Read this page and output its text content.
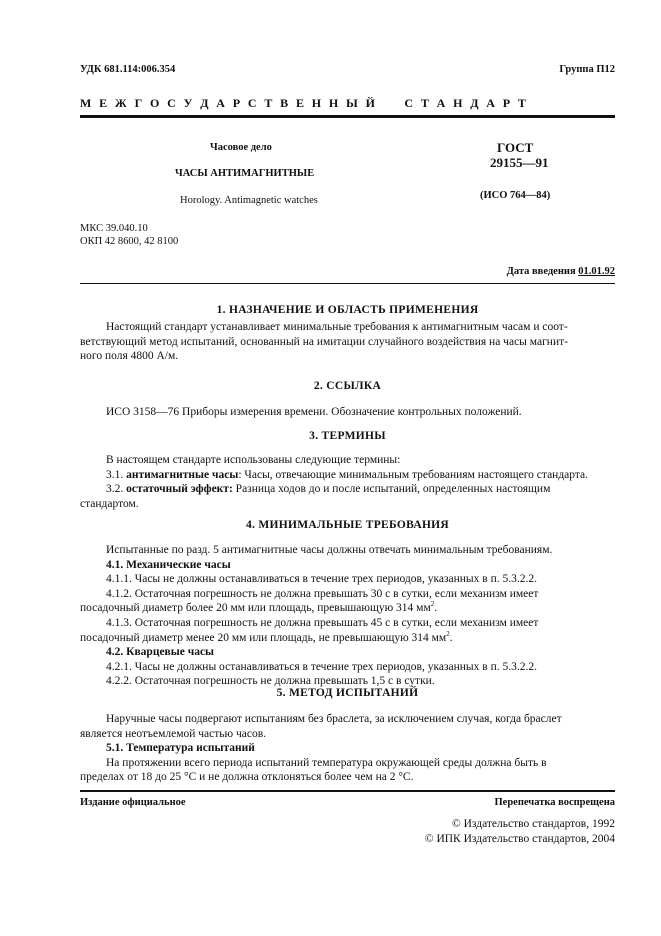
УДК 681.114:006.354	Группа П12
М Е Ж Г О С У Д А Р С Т В Е Н Н Ы Й     С Т А Н Д А Р Т
Часовое дело
ЧАСЫ АНТИМАГНИТНЫЕ
Horology. Antimagnetic watches
ГОСТ
29155—91
(ИСО 764—84)
МКС 39.040.10
ОКП 42 8600, 42 8100
Дата введения 01.01.92
1. НАЗНАЧЕНИЕ И ОБЛАСТЬ ПРИМЕНЕНИЯ
Настоящий стандарт устанавливает минимальные требования к антимагнитным часам и соот-
ветствующий метод испытаний, основанный на имитации случайного воздействия на часы магнит-
ного поля 4800 А/м.
2. ССЫЛКА
ИСО 3158—76 Приборы измерения времени. Обозначение контрольных положений.
3. ТЕРМИНЫ
В настоящем стандарте использованы следующие термины:
3.1. антимагнитные часы: Часы, отвечающие минимальным требованиям настоящего стандарта.
3.2. остаточный эффект: Разница ходов до и после испытаний, определенных настоящим
стандартом.
4. МИНИМАЛЬНЫЕ ТРЕБОВАНИЯ
Испытанные по разд. 5 антимагнитные часы должны отвечать минимальным требованиям.
4.1. Механические часы
4.1.1. Часы не должны останавливаться в течение трех периодов, указанных в п. 5.3.2.2.
4.1.2. Остаточная погрешность не должна превышать 30 с в сутки, если механизм имеет
посадочный диаметр более 20 мм или площадь, превышающую 314 $мм^2$.
4.1.3. Остаточная погрешность не должна превышать 45 с в сутки, если механизм имеет
посадочный диаметр менее 20 мм или площадь, не превышающую 314 $мм^2$.
4.2. Кварцевые часы
4.2.1. Часы не должны останавливаться в течение трех периодов, указанных в п. 5.3.2.2.
4.2.2. Остаточная погрешность не должна превышать 1,5 с в сутки.
5. МЕТОД ИСПЫТАНИЙ
Наручные часы подвергают испытаниям без браслета, за исключением случая, когда браслет
является неотъемлемой частью часов.
5.1. Температура испытаний
На протяжении всего периода испытаний температура окружающей среды должна быть в
пределах от 18 до 25 °С и не должна отклоняться более чем на 2 °С.
Издание официальное	Перепечатка воспрещена
© Издательство стандартов, 1992
© ИПК Издательство стандартов, 2004
